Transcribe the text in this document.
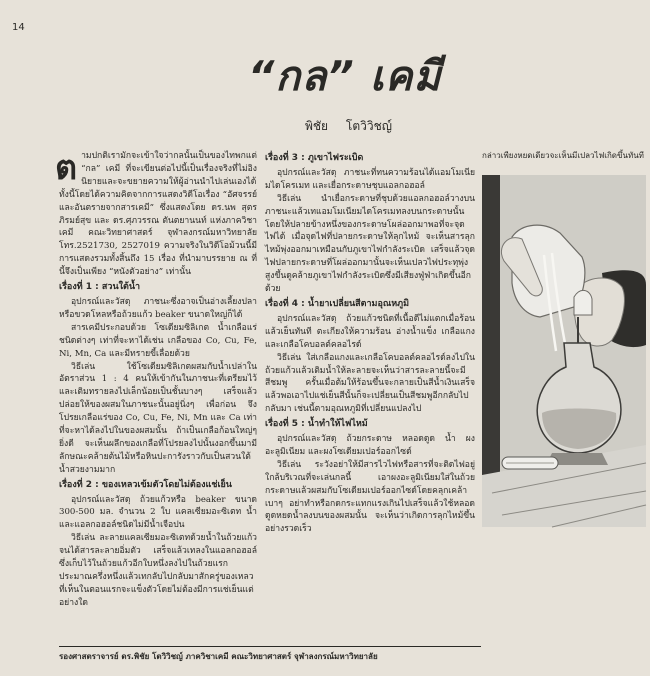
14
“กล” เคมี
พิชัย โตวิวิชญ์

ตามปกติเรามักจะเข้าใจว่ากลนั้นเป็นของไทพกแต่ “กล” เคมี ที่จะเขียนต่อไปนี้เป็นเรื่องจริงที่ไม่อิงนิยายและจะขยายความให้ผู้อ่านนำไปเล่นเองได้ ทั้งนี้โดยได้ความคิดจากการแสดงวิดีโอเรื่อง “อัศจรรย์และอันตรายจากสารเคมี” ซึ่งแสดงโดย ดร.นพ สุตรภิรมย์สุข และ ดร.ศุภวรรณ ตันตยานนท์ แห่งภาควิชาเคมี คณะวิทยาศาสตร์ จุฬาลงกรณ์มหาวิทยาลัย โทร.2521730, 2527019 ความจริงในวิดีโอม้วนนี้มีการแสดงรวมทั้งสิ้นถึง 15 เรื่อง ที่นำมาบรรยาย ณ ที่นี้จึงเป็นเพียง “หนังตัวอย่าง” เท่านั้น

เรื่องที่ 1 : สวนใต้น้ำ

อุปกรณ์และวัสดุ ภาชนะซึ่งอาจเป็นอ่างเลี้ยงปลาหรือขวดโหลหรือถ้วยแก้ว beaker ขนาดใหญ่ก็ได้

สารเคมีประกอบด้วย โซเดียมซิลิเกต น้ำเกลือแร่ ชนิดต่างๆ เท่าที่จะหาได้เช่น เกลือของ Co, Cu, Fe, Ni, Mn, Ca และมีทรายขี้เลื่อยด้วย

วิธีเล่น ใช้โซเดียมซิลิเกตผสมกับน้ำเปล่าในอัตราส่วน 1 : 4 คนให้เข้ากันในภาชนะที่เตรียมไว้และเติมทรายลงไปเล็กน้อยเป็นชั้นบางๆ เสร็จแล้วปล่อยให้ของผสมในภาชนะนั้นอยู่นิ่งๆ เพื่อก่อน จึงโปรยเกลือแร่ของ Co, Cu, Fe, Ni, Mn และ Ca เท่าที่จะหาได้ลงไปในของผสมนั้น ถ้าเป็นเกลือก้อนใหญ่ๆ ยิ่งดี จะเห็นผลึกของเกลือที่โปรยลงไปนั้นงอกขึ้นมามีลักษณะคล้ายต้นไม้หรือหินปะการังราวกับเป็นสวนใต้น้ำสวยงามมาก

เรื่องที่ 2 : ของเหลวเข้มตัวโดยไม่ต้องแช่เย็น

อุปกรณ์และวัสดุ ถ้วยแก้วหรือ beaker ขนาด 300-500 มล. จำนวน 2 ใบ แคลเซียมอะซิเตท น้ำและแอลกอฮอล์ชนิดไม่มีน้ำเจือปน

วิธีเล่น ละลายแคลเซียมอะซิเตทด้วยน้ำในถ้วยแก้วจนได้สารละลายอิ่มตัว เสร็จแล้วเทลงในแอลกอฮอล์ซึ่งเก็บไว้ในถ้วยแก้วอีกใบหนึ่งลงไปในถ้วยแรกประมาณครึ่งหนึ่งแล้วเทกลับไปกลับมาสักครู่ของเหลวที่เห็นในตอนแรกจะแข็งตัวโดยไม่ต้องมีการแช่เย็นแต่อย่างใด

เรื่องที่ 3 : ภูเขาไฟระเบิด

อุปกรณ์และวัสดุ ภาชนะที่ทนความร้อนได้แอมโมเนียมไดโครเมท และเยื่อกระดาษชุบแอลกอฮอล์

วิธีเล่น นำเยื่อกระดาษที่ชุบด้วยแอลกอฮอล์วางบนภาชนะแล้วเทแอมโมเนียมไดโครเมทลงบนกระดาษนั้น โดยให้ปลายข้างหนึ่งของกระดาษโผล่ออกมาพอที่จะจุดไฟได้ เมื่อจุดไฟที่ปลายกระดาษให้ลุกไหม้ จะเห็นสารลุกไหม้พุ่งออกมาเหมือนกับภูเขาไฟกำลังระเบิด เสร็จแล้วจุดไฟปลายกระดาษที่โผล่ออกมานั้นจะเห็นเปลวไฟประทุพุ่งสูงขึ้นดูคล้ายภูเขาไฟกำลังระเบิดซึ่งมีเสียงฟู่ฟ่าเกิดขึ้นอีกด้วย

เรื่องที่ 4 : น้ำยาเปลี่ยนสีตามอุณหภูมิ

อุปกรณ์และวัสดุ ถ้วยแก้วชนิดที่เนื้อดีไม่แตกเมื่อร้อนแล้วเย็นทันที ตะเกียงให้ความร้อน อ่างน้ำแข็ง เกลือแกงและเกลือโคบอลต์คลอไรด์

วิธีเล่น ใส่เกลือแกงและเกลือโคบอลต์คลอไรด์ลงไปในถ้วยแก้วแล้วเติมน้ำให้ละลายจะเห็นว่าสารละลายนี้จะมีสีชมพู ครั้นเมื่อต้มให้ร้อนขึ้นจะกลายเป็นสีน้ำเงินเสร็จแล้วพอเอาไปแช่เย็นสีนั้นก็จะเปลี่ยนเป็นสีชมพูอีกกลับไปกลับมา เช่นนี้ตามอุณหภูมิที่เปลี่ยนแปลงไป

เรื่องที่ 5 : น้ำทำให้ไฟไหม้

อุปกรณ์และวัสดุ ถ้วยกระดาษ หลอดดูด น้ำ ผงอะลูมิเนียม และผงโซเดียมเปอร์ออกไซด์

วิธีเล่น ระวังอย่าให้มีสารไวไฟหรือสารที่จะติดไฟอยู่ใกล้บริเวณที่จะเล่นกลนี้ เอาผงอะลูมิเนียมใส่ในถ้วยกระดาษแล้วผสมกับโซเดียมเปอร์ออกไซด์โดยคลุกเคล้าเบาๆ อย่าทำหรือกดกระแทกแรงเกินไปเสร็จแล้วใช้หลอดดูดหยดน้ำลงบนของผสมนั้น จะเห็นว่าเกิดการลุกไหม้ขึ้นอย่างรวดเร็ว

กล่าวเพียงหยดเดียวจะเห็นมีเปลวไฟเกิดขึ้นทันที
รองศาสตราจารย์ ดร.พิชัย โตวิวิชญ์ ภาควิชาเคมี คณะวิทยาศาสตร์ จุฬาลงกรณ์มหาวิทยาลัย
